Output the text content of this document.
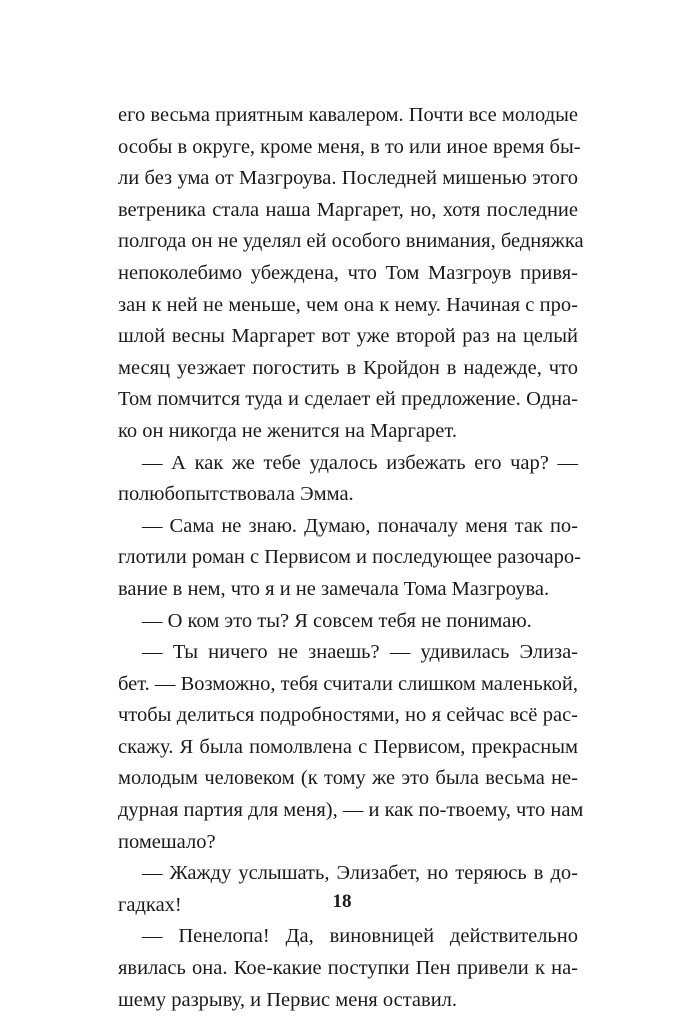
его весьма приятным кавалером. Почти все молодые
особы в округе, кроме меня, в то или иное время бы-
ли без ума от Мазгроува. Последней мишенью этого
ветреника стала наша Маргарет, но, хотя последние
полгода он не уделял ей особого внимания, бедняжка
непоколебимо убеждена, что Том Мазгроув привя-
зан к ней не меньше, чем она к нему. Начиная с про-
шлой весны Маргарет вот уже второй раз на целый
месяц уезжает погостить в Кройдон в надежде, что
Том помчится туда и сделает ей предложение. Одна-
ко он никогда не женится на Маргарет.
— А как же тебе удалось избежать его чар? —
полюбопытствовала Эмма.
— Сама не знаю. Думаю, поначалу меня так по-
глотили роман с Первисом и последующее разочаро-
вание в нем, что я и не замечала Тома Мазгроува.
— О ком это ты? Я совсем тебя не понимаю.
— Ты ничего не знаешь? — удивилась Элиза-
бет. — Возможно, тебя считали слишком маленькой,
чтобы делиться подробностями, но я сейчас всё рас-
скажу. Я была помолвлена с Первисом, прекрасным
молодым человеком (к тому же это была весьма не-
дурная партия для меня), — и как по-твоему, что нам
помешало?
— Жажду услышать, Элизабет, но теряюсь в до-
гадках!
— Пенелопа! Да, виновницей действительно
явилась она. Кое-какие поступки Пен привели к на-
шему разрыву, и Первис меня оставил.
18
